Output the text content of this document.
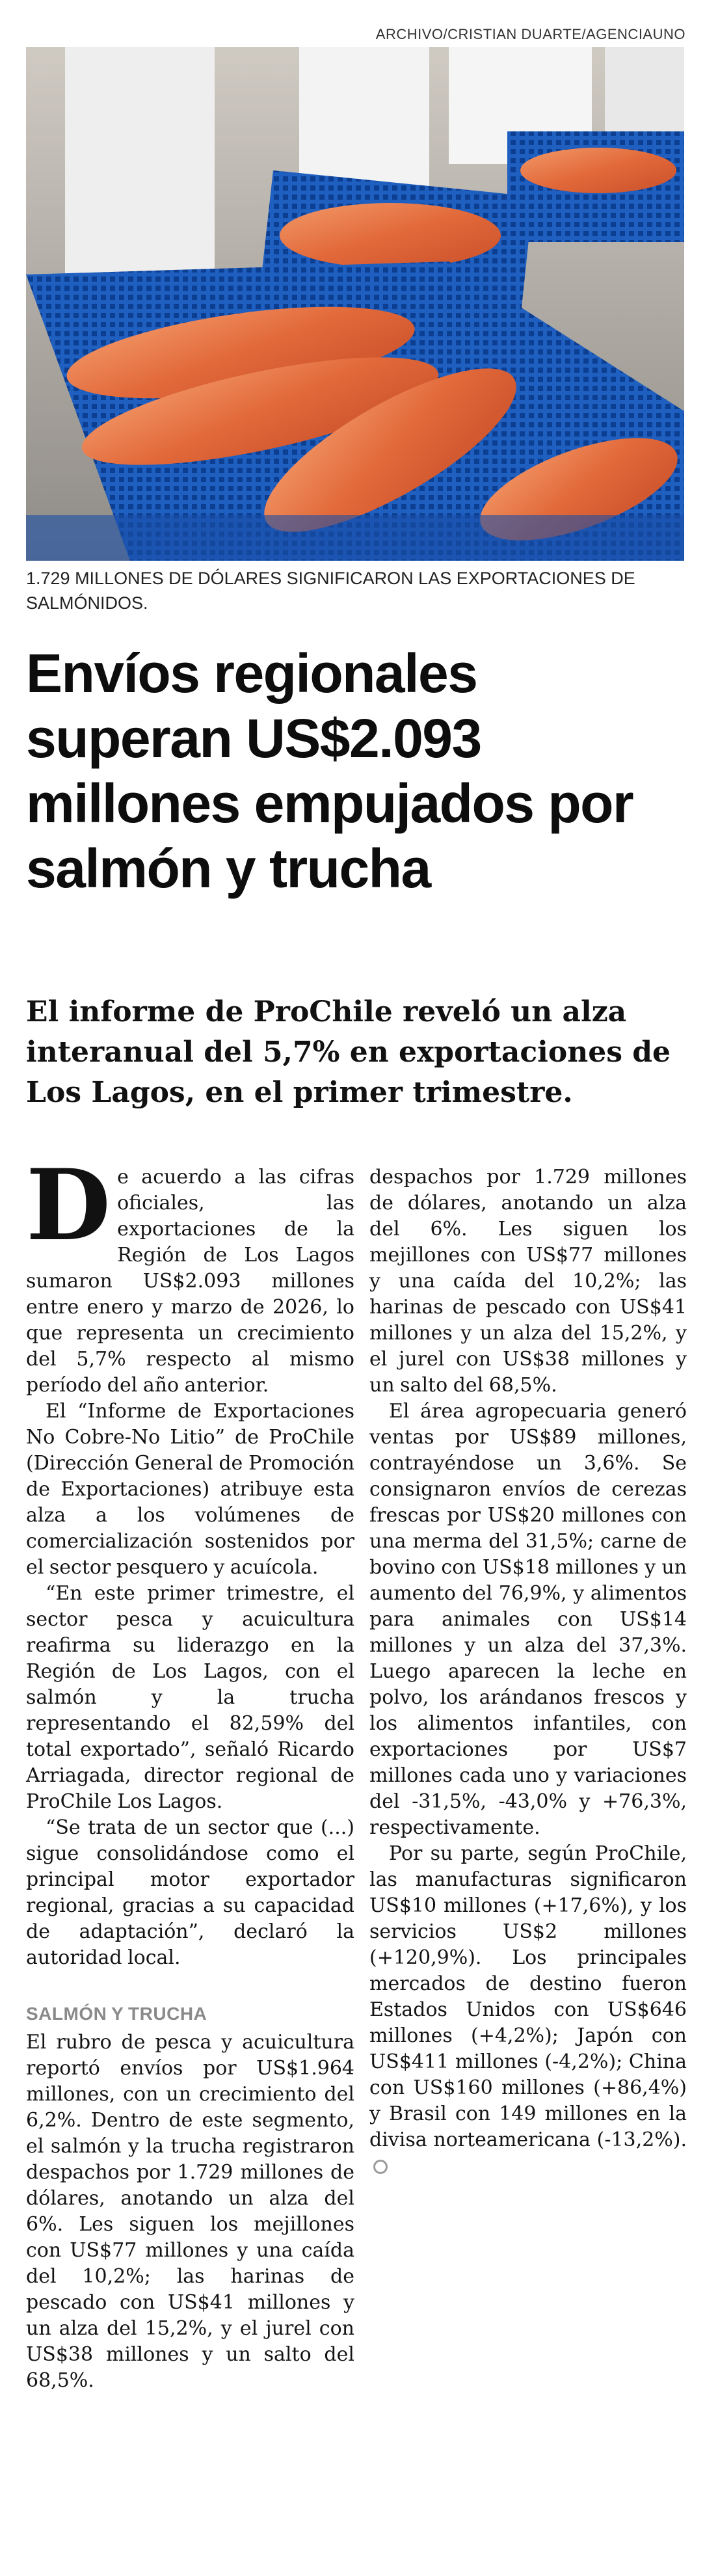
ARCHIVO/CRISTIAN DUARTE/AGENCIAUNO
1.729 MILLONES DE DÓLARES SIGNIFICARON LAS EXPORTACIONES DE SALMÓNIDOS.
Envíos regionales superan US$2.093 millones empujados por salmón y trucha
El informe de ProChile reveló un alza interanual del 5,7% en exportaciones de Los Lagos, en el primer trimestre.

De acuerdo a las cifras oficiales, las exportaciones de la Región de Los Lagos sumaron US$2.093 millones entre enero y marzo de 2026, lo que representa un crecimiento del 5,7% respecto al mismo período del año anterior.

El “Informe de Exportaciones No Cobre-No Litio” de ProChile (Dirección General de Promoción de Exportaciones) atribuye esta alza a los volúmenes de comercialización sostenidos por el sector pesquero y acuícola.

“En este primer trimestre, el sector pesca y acuicultura reafirma su liderazgo en la Región de Los Lagos, con el salmón y la trucha representando el 82,59% del total exportado”, señaló Ricardo Arriagada, director regional de ProChile Los Lagos.

“Se trata de un sector que (...) sigue consolidándose como el principal motor exportador regional, gracias a su capacidad de adaptación”, declaró la autoridad local.

SALMÓN Y TRUCHA

El rubro de pesca y acuicultura reportó envíos por US$1.964 millones, con un crecimiento del 6,2%. Dentro de este segmento, el salmón y la trucha registraron despachos por 1.729 millones de dólares, anotando un alza del 6%. Les siguen los mejillones con US$77 millones y una caída del 10,2%; las harinas de pescado con US$41 millones y un alza del 15,2%, y el jurel con US$38 millones y un salto del 68,5%.

despachos por 1.729 millones de dólares, anotando un alza del 6%. Les siguen los mejillones con US$77 millones y una caída del 10,2%; las harinas de pescado con US$41 millones y un alza del 15,2%, y el jurel con US$38 millones y un salto del 68,5%.

El área agropecuaria generó ventas por US$89 millones, contrayéndose un 3,6%. Se consignaron envíos de cerezas frescas por US$20 millones con una merma del 31,5%; carne de bovino con US$18 millones y un aumento del 76,9%, y alimentos para animales con US$14 millones y un alza del 37,3%. Luego aparecen la leche en polvo, los arándanos frescos y los alimentos infantiles, con exportaciones por US$7 millones cada uno y variaciones del -31,5%, -43,0% y +76,3%, respectivamente.

Por su parte, según ProChile, las manufacturas significaron US$10 millones (+17,6%), y los servicios US$2 millones (+120,9%). Los principales mercados de destino fueron Estados Unidos con US$646 millones (+4,2%); Japón con US$411 millones (-4,2%); China con US$160 millones (+86,4%) y Brasil con 149 millones en la divisa norteamericana (-13,2%).
